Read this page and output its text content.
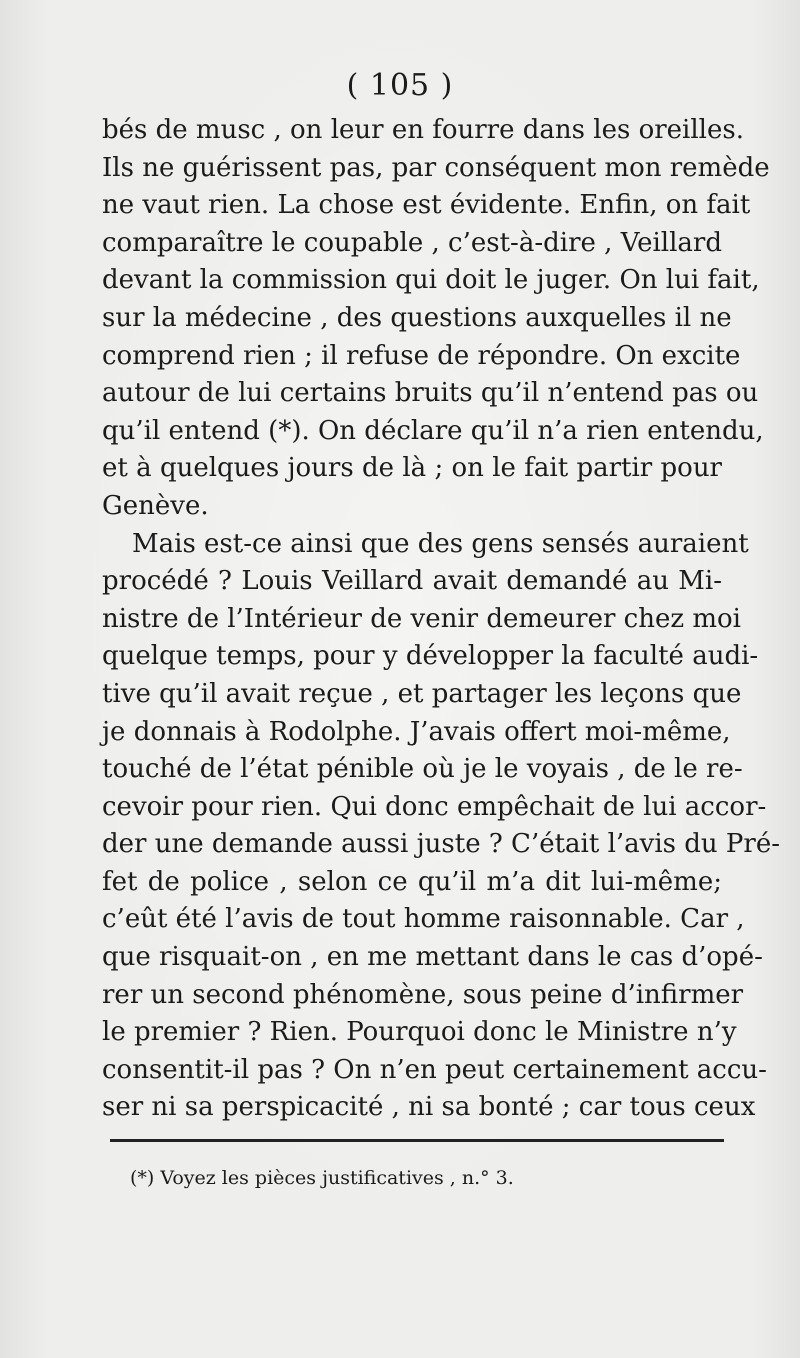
( 105 )
bés de musc , on leur en fourre dans les oreilles.
Ils ne guérissent pas, par conséquent mon remède
ne vaut rien. La chose est évidente. Enfin, on fait
comparaître le coupable , c’est-à-dire , Veillard
devant la commission qui doit le juger. On lui fait,
sur la médecine , des questions auxquelles il ne
comprend rien ; il refuse de répondre. On excite
autour de lui certains bruits qu’il n’entend pas ou
qu’il entend (*). On déclare qu’il n’a rien entendu,
et à quelques jours de là ; on le fait partir pour
Genève.
Mais est-ce ainsi que des gens sensés auraient
procédé ? Louis Veillard avait demandé au Mi-
nistre de l’Intérieur de venir demeurer chez moi
quelque temps, pour y développer la faculté audi-
tive qu’il avait reçue , et partager les leçons que
je donnais à Rodolphe. J’avais offert moi-même,
touché de l’état pénible où je le voyais , de le re-
cevoir pour rien. Qui donc empêchait de lui accor-
der une demande aussi juste ? C’était l’avis du Pré-
fet de police , selon ce qu’il m’a dit lui-même;
c’eût été l’avis de tout homme raisonnable. Car ,
que risquait-on , en me mettant dans le cas d’opé-
rer un second phénomène, sous peine d’infirmer
le premier ? Rien. Pourquoi donc le Ministre n’y
consentit-il pas ? On n’en peut certainement accu-
ser ni sa perspicacité , ni sa bonté ; car tous ceux
(*) Voyez les pièces justificatives , n.° 3.
